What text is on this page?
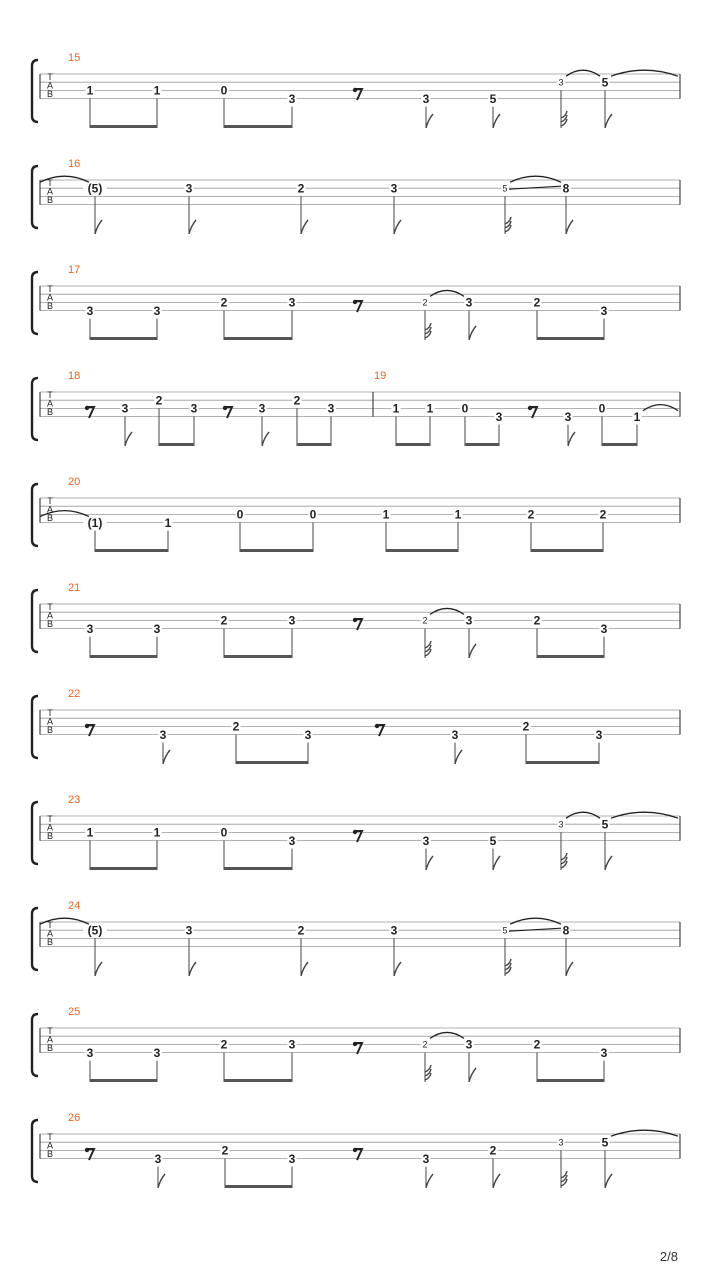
T
A
B
15
1	1	0
3	3	5
3	5
T
A
B
16
(5)	3	2	3	5	8
T
A
B
17
3	3
2	3	2	3	2
3
T
A
B
18	19
3
2
3	3
2
3	1 1 0
3	3
0
1
T
A
B
20
(1)	1
0	0	1	1	2	2
T
A
B
21
3	3
2	3	2	3	2
3
T
A
B
22
3
2
3	3
2
3
T
A
B
23
1	1	0
3	3	5
3	5
T
A
B
24
(5)	3	2	3	5	8
T
A
B
25
3	3
2	3	2	3	2
3
T
A
B
26
3
2
3	3
2
3	5
2/8
